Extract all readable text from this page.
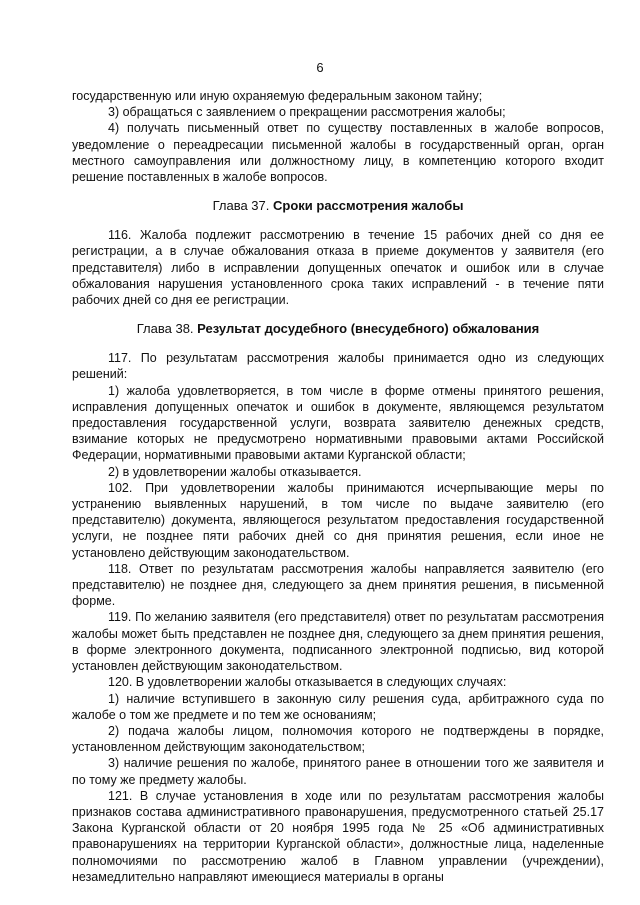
6

государственную или иную охраняемую федеральным законом тайну;

3) обращаться с заявлением о прекращении рассмотрения жалобы;

4) получать письменный ответ по существу поставленных в жалобе вопросов, уведомление о переадресации письменной жалобы в государственный орган, орган местного самоуправления или должностному лицу, в компетенцию которого входит решение поставленных в жалобе вопросов.

Глава 37. Сроки рассмотрения жалобы

116. Жалоба подлежит рассмотрению в течение 15 рабочих дней со дня ее регистрации, а в случае обжалования отказа в приеме документов у заявителя (его представителя) либо в исправлении допущенных опечаток и ошибок или в случае обжалования нарушения установленного срока таких исправлений - в течение пяти рабочих дней со дня ее регистрации.

Глава 38. Результат досудебного (внесудебного) обжалования

117. По результатам рассмотрения жалобы принимается одно из следующих решений:

1) жалоба удовлетворяется, в том числе в форме отмены принятого решения, исправления допущенных опечаток и ошибок в документе, являющемся результатом предоставления государственной услуги, возврата заявителю денежных средств, взимание которых не предусмотрено нормативными правовыми актами Российской Федерации, нормативными правовыми актами Курганской области;

2) в удовлетворении жалобы отказывается.

102. При удовлетворении жалобы принимаются исчерпывающие меры по устранению выявленных нарушений, в том числе по выдаче заявителю (его представителю) документа, являющегося результатом предоставления государственной услуги, не позднее пяти рабочих дней со дня принятия решения, если иное не установлено действующим законодательством.

118. Ответ по результатам рассмотрения жалобы направляется заявителю (его представителю) не позднее дня, следующего за днем принятия решения, в письменной форме.

119. По желанию заявителя (его представителя) ответ по результатам рассмотрения жалобы может быть представлен не позднее дня, следующего за днем принятия решения, в форме электронного документа, подписанного электронной подписью, вид которой установлен действующим законодательством.

120. В удовлетворении жалобы отказывается в следующих случаях:

1) наличие вступившего в законную силу решения суда, арбитражного суда по жалобе о том же предмете и по тем же основаниям;

2) подача жалобы лицом, полномочия которого не подтверждены в порядке, установленном действующим законодательством;

3) наличие решения по жалобе, принятого ранее в отношении того же заявителя и по тому же предмету жалобы.

121. В случае установления в ходе или по результатам рассмотрения жалобы признаков состава административного правонарушения, предусмотренного статьей 25.17 Закона Курганской области от 20 ноября 1995 года № 25 «Об административных правонарушениях на территории Курганской области», должностные лица, наделенные полномочиями по рассмотрению жалоб в Главном управлении (учреждении), незамедлительно направляют имеющиеся материалы в органы
